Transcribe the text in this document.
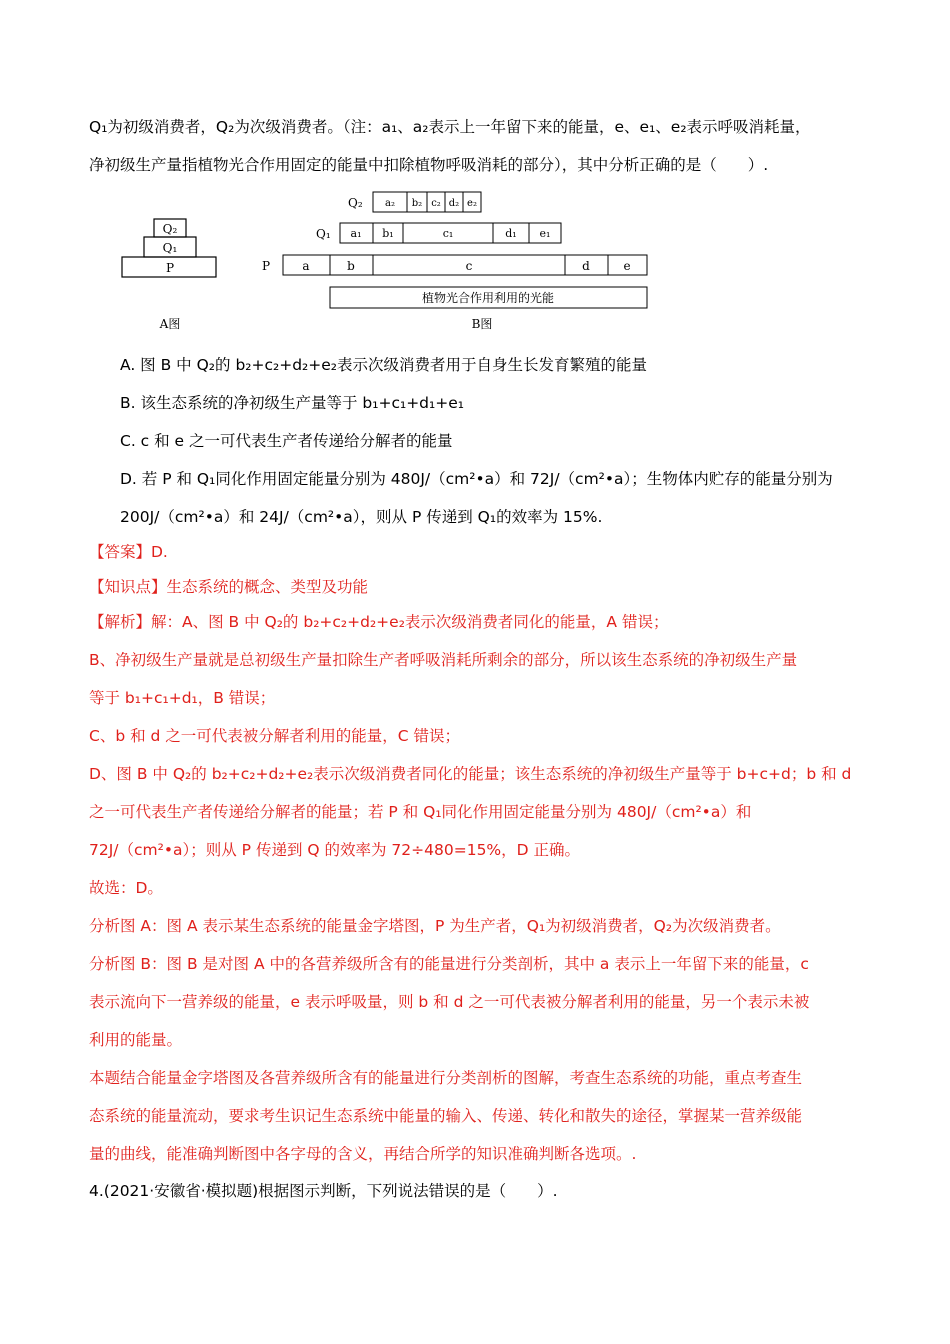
Q₁为初级消费者，Q₂为次级消费者。（注：a₁、a₂表示上一年留下来的能量，e、e₁、e₂表示呼吸消耗量，
净初级生产量指植物光合作用固定的能量中扣除植物呼吸消耗的部分），其中分析正确的是（　　）.
Q₂
Q₁
P
A图
Q₂
Q₁
P
a₂ b₂ c₂ d₂ e₂
a₁ b₁	c₁	d₁ e₁
a	b	c	d	e
植物光合作用利用的光能
B图
A. 图 B 中 Q₂的 b₂+c₂+d₂+e₂表示次级消费者用于自身生长发育繁殖的能量
B. 该生态系统的净初级生产量等于 b₁+c₁+d₁+e₁
C. c 和 e 之一可代表生产者传递给分解者的能量
D. 若 P 和 Q₁同化作用固定能量分别为 480J/（cm²•a）和 72J/（cm²•a）；生物体内贮存的能量分别为
200J/（cm²•a）和 24J/（cm²•a），则从 P 传递到 Q₁的效率为 15%.
【答案】D.
【知识点】生态系统的概念、类型及功能
【解析】解：A、图 B 中 Q₂的 b₂+c₂+d₂+e₂表示次级消费者同化的能量，A 错误；
B、净初级生产量就是总初级生产量扣除生产者呼吸消耗所剩余的部分，所以该生态系统的净初级生产量
等于 b₁+c₁+d₁，B 错误；
C、b 和 d 之一可代表被分解者利用的能量，C 错误；
D、图 B 中 Q₂的 b₂+c₂+d₂+e₂表示次级消费者同化的能量；该生态系统的净初级生产量等于 b+c+d；b 和 d
之一可代表生产者传递给分解者的能量；若 P 和 Q₁同化作用固定能量分别为 480J/（cm²•a）和
72J/（cm²•a）；则从 P 传递到 Q 的效率为 72÷480=15%，D 正确。
故选：D。
分析图 A：图 A 表示某生态系统的能量金字塔图，P 为生产者，Q₁为初级消费者，Q₂为次级消费者。
分析图 B：图 B 是对图 A 中的各营养级所含有的能量进行分类剖析，其中 a 表示上一年留下来的能量，c
表示流向下一营养级的能量，e 表示呼吸量，则 b 和 d 之一可代表被分解者利用的能量，另一个表示未被
利用的能量。
本题结合能量金字塔图及各营养级所含有的能量进行分类剖析的图解，考查生态系统的功能，重点考查生
态系统的能量流动，要求考生识记生态系统中能量的输入、传递、转化和散失的途径，掌握某一营养级能
量的曲线，能准确判断图中各字母的含义，再结合所学的知识准确判断各选项。.
4.(2021·安徽省·模拟题)根据图示判断，下列说法错误的是（　　）.
